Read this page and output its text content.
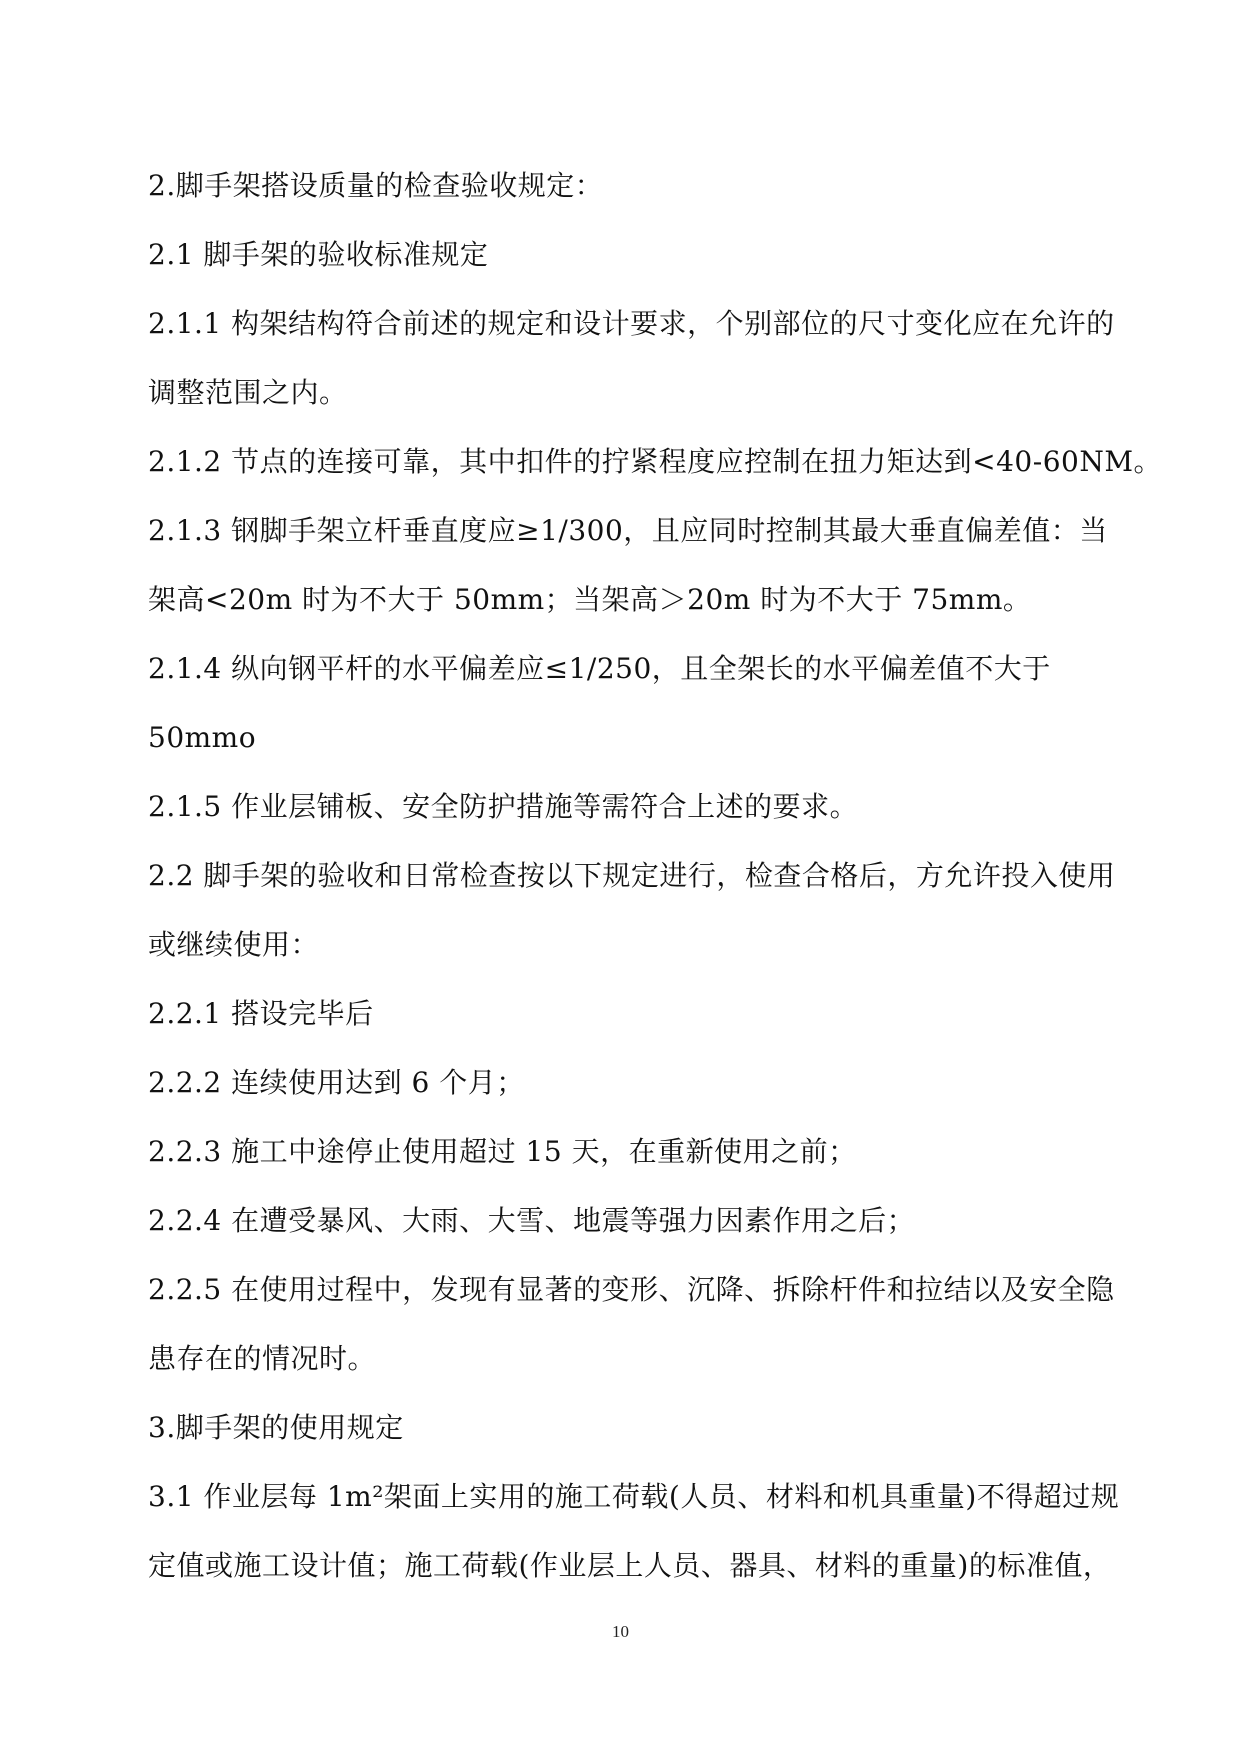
2.脚手架搭设质量的检查验收规定：
2.1 脚手架的验收标准规定
2.1.1 构架结构符合前述的规定和设计要求，个别部位的尺寸变化应在允许的
调整范围之内。
2.1.2 节点的连接可靠，其中扣件的拧紧程度应控制在扭力矩达到<40-60NM。
2.1.3 钢脚手架立杆垂直度应≥1/300，且应同时控制其最大垂直偏差值：当
架高<20m 时为不大于 50mm；当架高＞20m 时为不大于 75mm。
2.1.4 纵向钢平杆的水平偏差应≤1/250，且全架长的水平偏差值不大于
50mmo
2.1.5 作业层铺板、安全防护措施等需符合上述的要求。
2.2 脚手架的验收和日常检查按以下规定进行，检查合格后，方允许投入使用
或继续使用：
2.2.1 搭设完毕后
2.2.2 连续使用达到 6 个月；
2.2.3 施工中途停止使用超过 15 天，在重新使用之前；
2.2.4 在遭受暴风、大雨、大雪、地震等强力因素作用之后；
2.2.5 在使用过程中，发现有显著的变形、沉降、拆除杆件和拉结以及安全隐
患存在的情况时。
3.脚手架的使用规定
3.1 作业层每 1m²架面上实用的施工荷载(人员、材料和机具重量)不得超过规
定值或施工设计值；施工荷载(作业层上人员、器具、材料的重量)的标准值，
10
